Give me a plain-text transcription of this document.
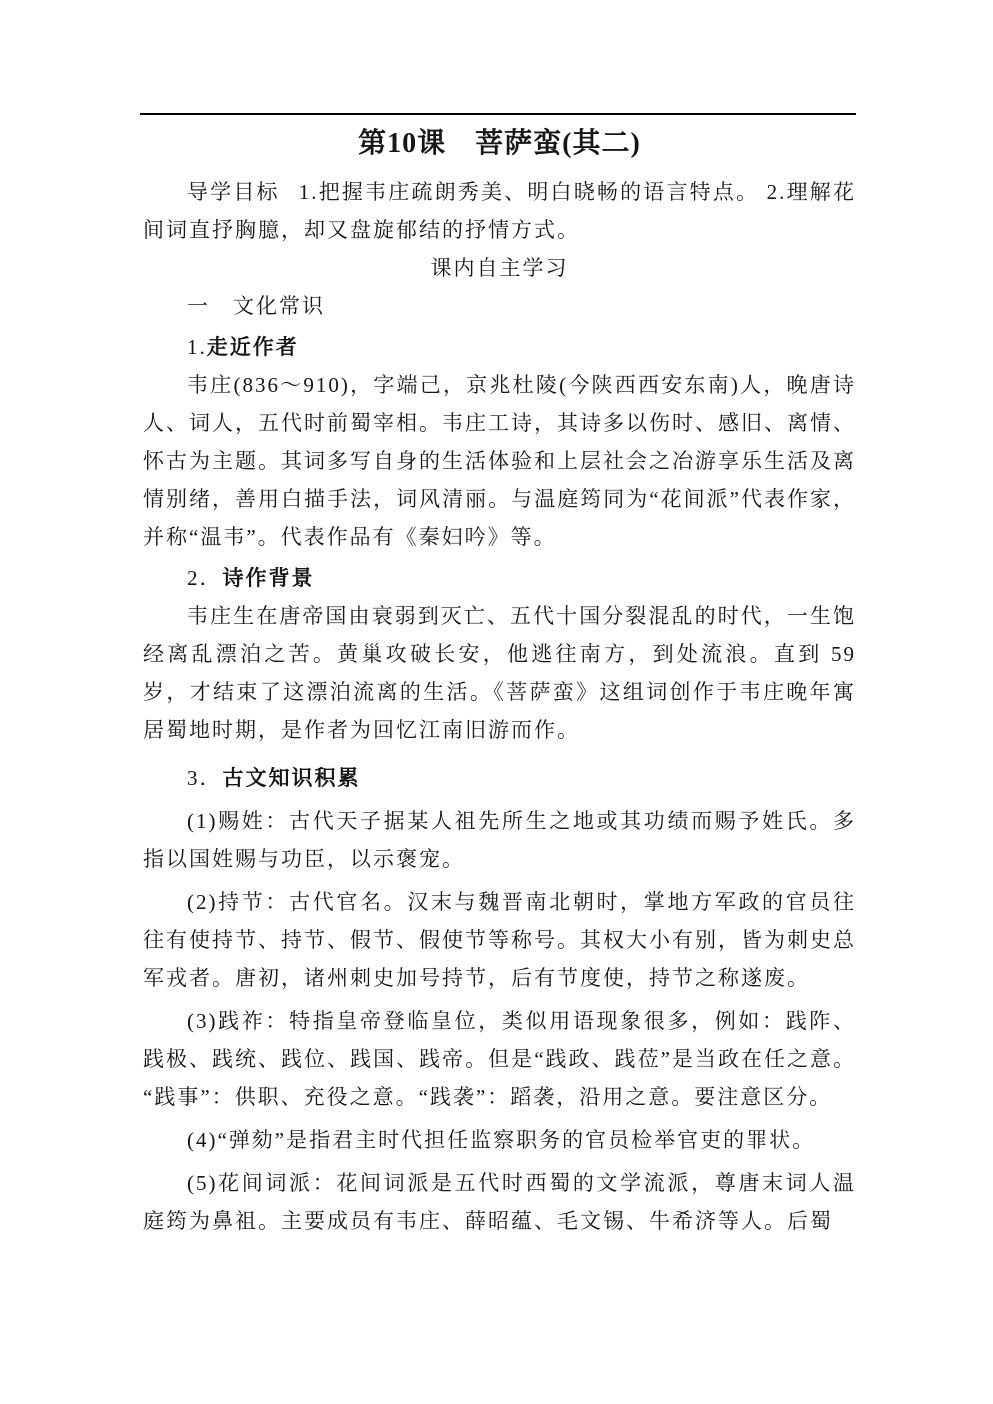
第10课　菩萨蛮(其二)

导学目标 1.把握韦庄疏朗秀美、明白晓畅的语言特点。 2.理解花间词直抒胸臆，却又盘旋郁结的抒情方式。

课内自主学习

一　文化常识

1.走近作者

韦庄(836～910)，字端己，京兆杜陵(今陕西西安东南)人，晚唐诗人、词人，五代时前蜀宰相。韦庄工诗，其诗多以伤时、感旧、离情、怀古为主题。其词多写自身的生活体验和上层社会之冶游享乐生活及离情别绪，善用白描手法，词风清丽。与温庭筠同为“花间派”代表作家，并称“温韦”。代表作品有《秦妇吟》等。

2．诗作背景

韦庄生在唐帝国由衰弱到灭亡、五代十国分裂混乱的时代，一生饱经离乱漂泊之苦。黄巢攻破长安，他逃往南方，到处流浪。直到 59 岁，才结束了这漂泊流离的生活。《菩萨蛮》这组词创作于韦庄晚年寓居蜀地时期，是作者为回忆江南旧游而作。

3．古文知识积累

(1)赐姓：古代天子据某人祖先所生之地或其功绩而赐予姓氏。多指以国姓赐与功臣，以示褒宠。

(2)持节：古代官名。汉末与魏晋南北朝时，掌地方军政的官员往往有使持节、持节、假节、假使节等称号。其权大小有别，皆为刺史总军戎者。唐初，诸州刺史加号持节，后有节度使，持节之称遂废。

(3)践祚：特指皇帝登临皇位，类似用语现象很多，例如：践阼、践极、践统、践位、践国、践帝。但是“践政、践莅”是当政在任之意。“践事”：供职、充役之意。“践袭”：蹈袭，沿用之意。要注意区分。

(4)“弹劾”是指君主时代担任监察职务的官员检举官吏的罪状。

(5)花间词派：花间词派是五代时西蜀的文学流派，尊唐末词人温庭筠为鼻祖。主要成员有韦庄、薛昭蕴、毛文锡、牛希济等人。后蜀
